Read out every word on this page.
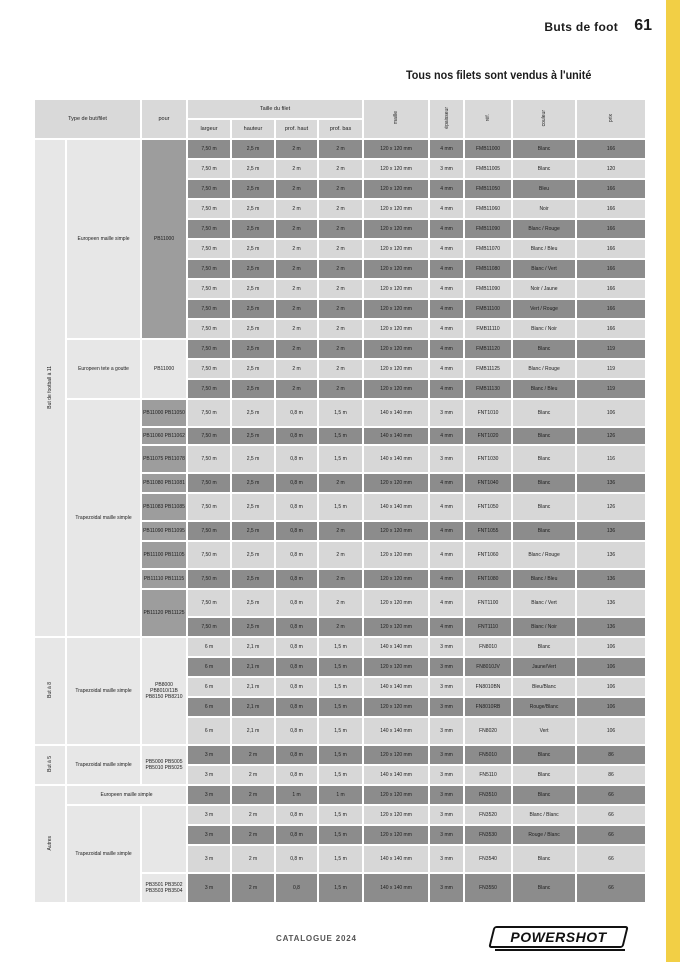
Buts de foot 61
Tous nos filets sont vendus à l'unité
Type de but/filet		pour	Taille du filet				maille	épaisseur	réf.	couleur	prix
			largeur	hauteur	prof. haut	prof. bas					
But de football à 11	Europeen maille simple	PB11000	7,50 m	2,5 m	2 m	2 m	120 x 120 mm	4 mm	FMB11000	Blanc	166
			7,50 m	2,5 m	2 m	2 m	120 x 120 mm	3 mm	FMB11005	Blanc	120
			7,50 m	2,5 m	2 m	2 m	120 x 120 mm	4 mm	FMB11050	Bleu	166
			7,50 m	2,5 m	2 m	2 m	120 x 120 mm	4 mm	FMB11060	Noir	166
			7,50 m	2,5 m	2 m	2 m	120 x 120 mm	4 mm	FMB11090	Blanc / Rouge	166
			7,50 m	2,5 m	2 m	2 m	120 x 120 mm	4 mm	FMB11070	Blanc / Bleu	166
			7,50 m	2,5 m	2 m	2 m	120 x 120 mm	4 mm	FMB11080	Blanc / Vert	166
			7,50 m	2,5 m	2 m	2 m	120 x 120 mm	4 mm	FMB11090	Noir / Jaune	166
			7,50 m	2,5 m	2 m	2 m	120 x 120 mm	4 mm	FMB11100	Vert / Rouge	166
			7,50 m	2,5 m	2 m	2 m	120 x 120 mm	4 mm	FMB11110	Blanc / Noir	166
	Europeen tete a goutte	PB11000	7,50 m	2,5 m	2 m	2 m	120 x 120 mm	4 mm	FMB11120	Blanc	119
			7,50 m	2,5 m	2 m	2 m	120 x 120 mm	4 mm	FMB11125	Blanc / Rouge	119
			7,50 m	2,5 m	2 m	2 m	120 x 120 mm	4 mm	FMB11130	Blanc / Bleu	119
	Trapezoidal maille simple	PB11000 PB11050	7,50 m	2,5 m	0,8 m	1,5 m	140 x 140 mm	3 mm	FNT1010	Blanc	106
		PB11060 PB11062	7,50 m	2,5 m	0,8 m	1,5 m	140 x 140 mm	4 mm	FNT1020	Blanc	126
		PB11075 PB11078	7,50 m	2,5 m	0,8 m	1,5 m	140 x 140 mm	3 mm	FNT1030	Blanc	116
		PB11080 PB11081	7,50 m	2,5 m	0,8 m	2 m	120 x 120 mm	4 mm	FNT1040	Blanc	136
		PB11083 PB11085	7,50 m	2,5 m	0,8 m	1,5 m	140 x 140 mm	4 mm	FNT1050	Blanc	126
		PB11090 PB11095	7,50 m	2,5 m	0,8 m	2 m	120 x 120 mm	4 mm	FNT1055	Blanc	136
		PB11100 PB11105	7,50 m	2,5 m	0,8 m	2 m	120 x 120 mm	4 mm	FNT1060	Blanc / Rouge	136
		PB11110 PB11115	7,50 m	2,5 m	0,8 m	2 m	120 x 120 mm	4 mm	FNT1080	Blanc / Bleu	136
		PB11120 PB11125	7,50 m	2,5 m	0,8 m	2 m	120 x 120 mm	4 mm	FNT1100	Blanc / Vert	136
			7,50 m	2,5 m	0,8 m	2 m	120 x 120 mm	4 mm	FNT1110	Blanc / Noir	136
But à 8	Trapezoidal maille simple	PB8000 PB8010/11B PB8150 PB8210	6 m	2,1 m	0,8 m	1,5 m	140 x 140 mm	3 mm	FN8010	Blanc	106
			6 m	2,1 m	0,8 m	1,5 m	120 x 120 mm	3 mm	FN8010JV	Jaune/Vert	106
			6 m	2,1 m	0,8 m	1,5 m	140 x 140 mm	3 mm	FN8010BN	Bleu/Blanc	106
			6 m	2,1 m	0,8 m	1,5 m	120 x 120 mm	3 mm	FN8010RB	Rouge/Blanc	106
			6 m	2,1 m	0,8 m	1,5 m	140 x 140 mm	3 mm	FN8020	Vert	106
But à 5	Trapezoidal maille simple	PB5000 PB5005 PB5010 PB5025	3 m	2 m	0,8 m	1,5 m	120 x 120 mm	3 mm	FN5010	Blanc	86
			3 m	2 m	0,8 m	1,5 m	140 x 140 mm	3 mm	FN5110	Blanc	86
Autres	Europeen maille simple		3 m	2 m	1 m	1 m	120 x 120 mm	3 mm	FN3510	Blanc	66
	Trapezoidal maille simple		3 m	2 m	0,8 m	1,5 m	120 x 120 mm	3 mm	FN3520	Blanc / Blanc	66
			3 m	2 m	0,8 m	1,5 m	120 x 120 mm	3 mm	FN3530	Rouge / Blanc	66
			3 m	2 m	0,8 m	1,5 m	140 x 140 mm	3 mm	FN3540	Blanc	66
		PB3501 PB3502 PB3503 PB3504	3 m	2 m	0,8	1,5 m	140 x 140 mm	3 mm	FN3550	Blanc	66
CATALOGUE 2024	POWERSHOT
